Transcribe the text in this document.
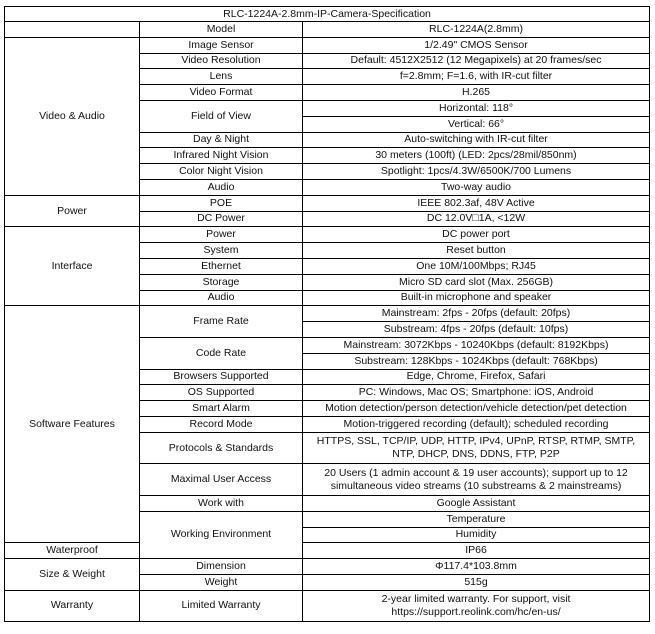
RLC-1224A-2.8mm-IP-Camera-Specification			
	Model	RLC-1224A(2.8mm)	
Video & Audio	Image Sensor	1/2.49" CMOS Sensor	
	Video Resolution	Default: 4512X2512 (12 Megapixels) at 20 frames/sec	
	Lens	f=2.8mm; F=1.6, with IR-cut filter	
	Video Format	H.265	
	Field of View	Horizontal: 118°	
		Vertical: 66°	
	Day & Night	Auto-switching with IR-cut filter	
	Infrared Night Vision	30 meters (100ft) (LED: 2pcs/28mil/850nm)	
	Color Night Vision	Spotlight: 1pcs/4.3W/6500K/700 Lumens	
	Audio	Two-way audio	
Power	POE	IEEE 802.3af, 48V Active	
	DC Power	DC 12.0V□1A, <12W	
Interface	Power	DC power port	
	System	Reset button	
	Ethernet	One 10M/100Mbps; RJ45	
	Storage	Micro SD card slot (Max. 256GB)	
	Audio	Built-in microphone and speaker	
Software Features	Frame Rate	Mainstream: 2fps - 20fps (default: 20fps)	
		Substream: 4fps - 20fps (default: 10fps)	
	Code Rate	Mainstream: 3072Kbps - 10240Kbps (default: 8192Kbps)	
		Substream: 128Kbps - 1024Kbps (default: 768Kbps)	
	Browsers Supported	Edge, Chrome, Firefox, Safari	
	OS Supported	PC: Windows, Mac OS; Smartphone: iOS, Android	
	Smart Alarm	Motion detection/person detection/vehicle detection/pet detection	
	Record Mode	Motion-triggered recording (default); scheduled recording	
	Protocols & Standards	HTTPS, SSL, TCP/IP, UDP, HTTP, IPv4, UPnP, RTSP, RTMP, SMTP, NTP, DHCP, DNS, DDNS, FTP, P2P	
	Maximal User Access	20 Users (1 admin account & 19 user accounts); support up to 12 simultaneous video streams (10 substreams & 2 mainstreams)	
	Work with	Google Assistant	
	Working Environment	Temperature	
		Humidity	
Waterproof		IP66	
Size & Weight	Dimension	Φ117.4*103.8mm	
	Weight	515g	
Warranty	Limited Warranty	2-year limited warranty. For support, visit https://support.reolink.com/hc/en-us/	
